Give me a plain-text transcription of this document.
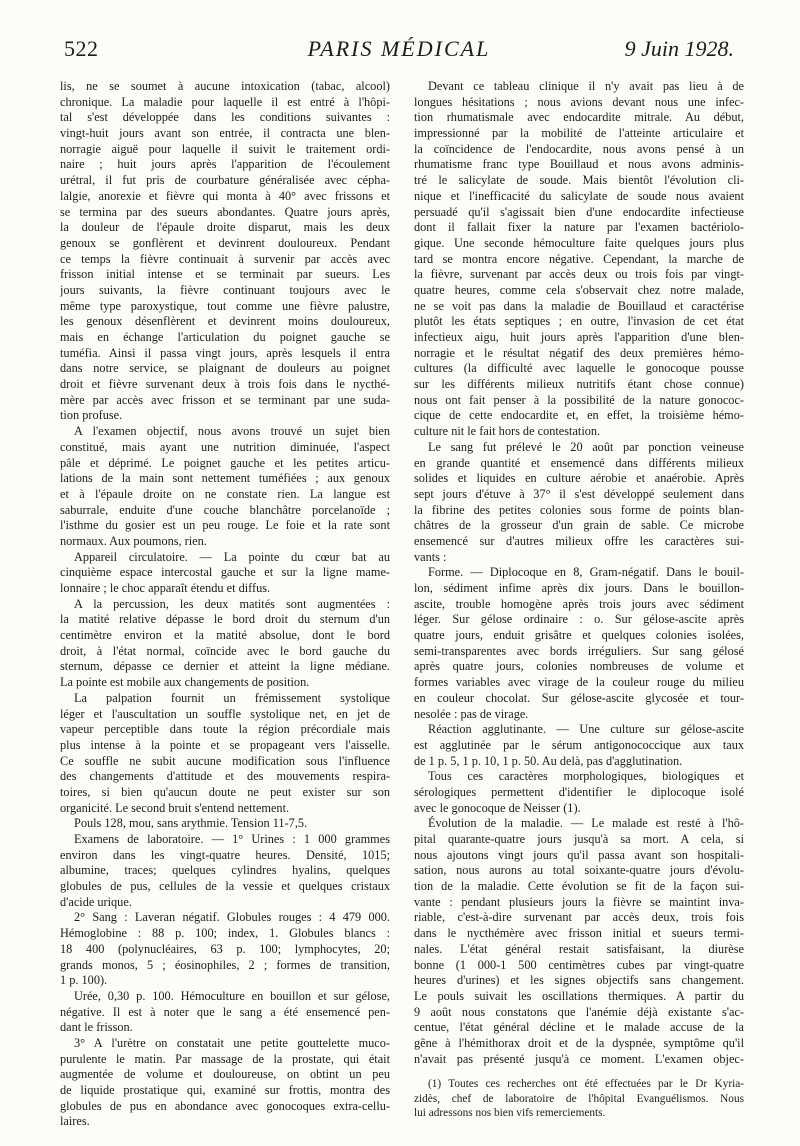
522	PARIS MÉDICAL	9 Juin 1928.
lis, ne se soumet à aucune intoxication (tabac, alcool)
chronique. La maladie pour laquelle il est entré à l'hôpi-
tal s'est développée dans les conditions suivantes :
vingt-huit jours avant son entrée, il contracta une blen-
norragie aiguë pour laquelle il suivit le traitement ordi-
naire ; huit jours après l'apparition de l'écoulement
urétral, il fut pris de courbature généralisée avec cépha-
lalgie, anorexie et fièvre qui monta à 40° avec frissons et
se termina par des sueurs abondantes. Quatre jours après,
la douleur de l'épaule droite disparut, mais les deux
genoux se gonflèrent et devinrent douloureux. Pendant
ce temps la fièvre continuait à survenir par accès avec
frisson initial intense et se terminait par sueurs. Les
jours suivants, la fièvre continuant toujours avec le
même type paroxystique, tout comme une fièvre palustre,
les genoux désenflèrent et devinrent moins douloureux,
mais en échange l'articulation du poignet gauche se
tuméfia. Ainsi il passa vingt jours, après lesquels il entra
dans notre service, se plaignant de douleurs au poignet
droit et fièvre survenant deux à trois fois dans le nycthé-
mère par accès avec frisson et se terminant par une suda-
tion profuse.
A l'examen objectif, nous avons trouvé un sujet bien
constitué, mais ayant une nutrition diminuée, l'aspect
pâle et déprimé. Le poignet gauche et les petites articu-
lations de la main sont nettement tuméfiées ; aux genoux
et à l'épaule droite on ne constate rien. La langue est
saburrale, enduite d'une couche blanchâtre porcelanoïde ;
l'isthme du gosier est un peu rouge. Le foie et la rate sont
normaux. Aux poumons, rien.
Appareil circulatoire. — La pointe du cœur bat au
cinquième espace intercostal gauche et sur la ligne mame-
lonnaire ; le choc apparaît étendu et diffus.
A la percussion, les deux matités sont augmentées :
la matité relative dépasse le bord droit du sternum d'un
centimètre environ et la matité absolue, dont le bord
droit, à l'état normal, coïncide avec le bord gauche du
sternum, dépasse ce dernier et atteint la ligne médiane.
La pointe est mobile aux changements de position.
La palpation fournit un frémissement systolique
léger et l'auscultation un souffle systolique net, en jet de
vapeur perceptible dans toute la région précordiale mais
plus intense à la pointe et se propageant vers l'aisselle.
Ce souffle ne subit aucune modification sous l'influence
des changements d'attitude et des mouvements respira-
toires, si bien qu'aucun doute ne peut exister sur son
organicité. Le second bruit s'entend nettement.
Pouls 128, mou, sans arythmie. Tension 11-7,5.
Examens de laboratoire. — 1° Urines : 1 000 grammes
environ dans les vingt-quatre heures. Densité, 1015;
albumine, traces; quelques cylindres hyalins, quelques
globules de pus, cellules de la vessie et quelques cristaux
d'acide urique.
2° Sang : Laveran négatif. Globules rouges : 4 479 000.
Hémoglobine : 88 p. 100; index, 1. Globules blancs :
18 400 (polynucléaires, 63 p. 100; lymphocytes, 20;
grands monos, 5 ; éosinophiles, 2 ; formes de transition,
1 p. 100).
Urée, 0,30 p. 100. Hémoculture en bouillon et sur gélose,
négative. Il est à noter que le sang a été ensemencé pen-
dant le frisson.
3° A l'urètre on constatait une petite gouttelette muco-
purulente le matin. Par massage de la prostate, qui était
augmentée de volume et douloureuse, on obtint un peu
de liquide prostatique qui, examiné sur frottis, montra des
globules de pus en abondance avec gonocoques extra-cellu-
laires.
Devant ce tableau clinique il n'y avait pas lieu à de
longues hésitations ; nous avions devant nous une infec-
tion rhumatismale avec endocardite mitrale. Au début,
impressionné par la mobilité de l'atteinte articulaire et
la coïncidence de l'endocardite, nous avons pensé à un
rhumatisme franc type Bouillaud et nous avons adminis-
tré le salicylate de soude. Mais bientôt l'évolution cli-
nique et l'inefficacité du salicylate de soude nous avaient
persuadé qu'il s'agissait bien d'une endocardite infectieuse
dont il fallait fixer la nature par l'examen bactériolo-
gique. Une seconde hémoculture faite quelques jours plus
tard se montra encore négative. Cependant, la marche de
la fièvre, survenant par accès deux ou trois fois par vingt-
quatre heures, comme cela s'observait chez notre malade,
ne se voit pas dans la maladie de Bouillaud et caractérise
plutôt les états septiques ; en outre, l'invasion de cet état
infectieux aigu, huit jours après l'apparition d'une blen-
norragie et le résultat négatif des deux premières hémo-
cultures (la difficulté avec laquelle le gonocoque pousse
sur les différents milieux nutritifs étant chose connue)
nous ont fait penser à la possibilité de la nature gonococ-
cique de cette endocardite et, en effet, la troisième hémo-
culture nit le fait hors de contestation.
Le sang fut prélevé le 20 août par ponction veineuse
en grande quantité et ensemencé dans différents milieux
solides et liquides en culture aérobie et anaérobie. Après
sept jours d'étuve à 37° il s'est développé seulement dans
la fibrine des petites colonies sous forme de points blan-
châtres de la grosseur d'un grain de sable. Ce microbe
ensemencé sur d'autres milieux offre les caractères sui-
vants :
Forme. — Diplocoque en 8, Gram-négatif. Dans le bouil-
lon, sédiment infime après dix jours. Dans le bouillon-
ascite, trouble homogène après trois jours avec sédiment
léger. Sur gélose ordinaire : o. Sur gélose-ascite après
quatre jours, enduit grisâtre et quelques colonies isolées,
semi-transparentes avec bords irréguliers. Sur sang gélosé
après quatre jours, colonies nombreuses de volume et
formes variables avec virage de la couleur rouge du milieu
en couleur chocolat. Sur gélose-ascite glycosée et tour-
nesolée : pas de virage.
Réaction agglutinante. — Une culture sur gélose-ascite
est agglutinée par le sérum antigonococcique aux taux
de 1 p. 5, 1 p. 10, 1 p. 50. Au delà, pas d'agglutination.
Tous ces caractères morphologiques, biologiques et
sérologiques permettent d'identifier le diplocoque isolé
avec le gonocoque de Neisser (1).
Évolution de la maladie. — Le malade est resté à l'hô-
pital quarante-quatre jours jusqu'à sa mort. A cela, si
nous ajoutons vingt jours qu'il passa avant son hospitali-
sation, nous aurons au total soixante-quatre jours d'évolu-
tion de la maladie. Cette évolution se fit de la façon sui-
vante : pendant plusieurs jours la fièvre se maintint inva-
riable, c'est-à-dire survenant par accès deux, trois fois
dans le nycthémère avec frisson initial et sueurs termi-
nales. L'état général restait satisfaisant, la diurèse
bonne (1 000-1 500 centimètres cubes par vingt-quatre
heures d'urines) et les signes objectifs sans changement.
Le pouls suivait les oscillations thermiques. A partir du
9 août nous constatons que l'anémie déjà existante s'ac-
centue, l'état général décline et le malade accuse de la
gêne à l'hémithorax droit et de la dyspnée, symptôme qu'il
n'avait pas présenté jusqu'à ce moment. L'examen objec-
(1) Toutes ces recherches ont été effectuées par le Dr Kyria-
zidès, chef de laboratoire de l'hôpital Evanguélismos. Nous
lui adressons nos bien vifs remerciements.
